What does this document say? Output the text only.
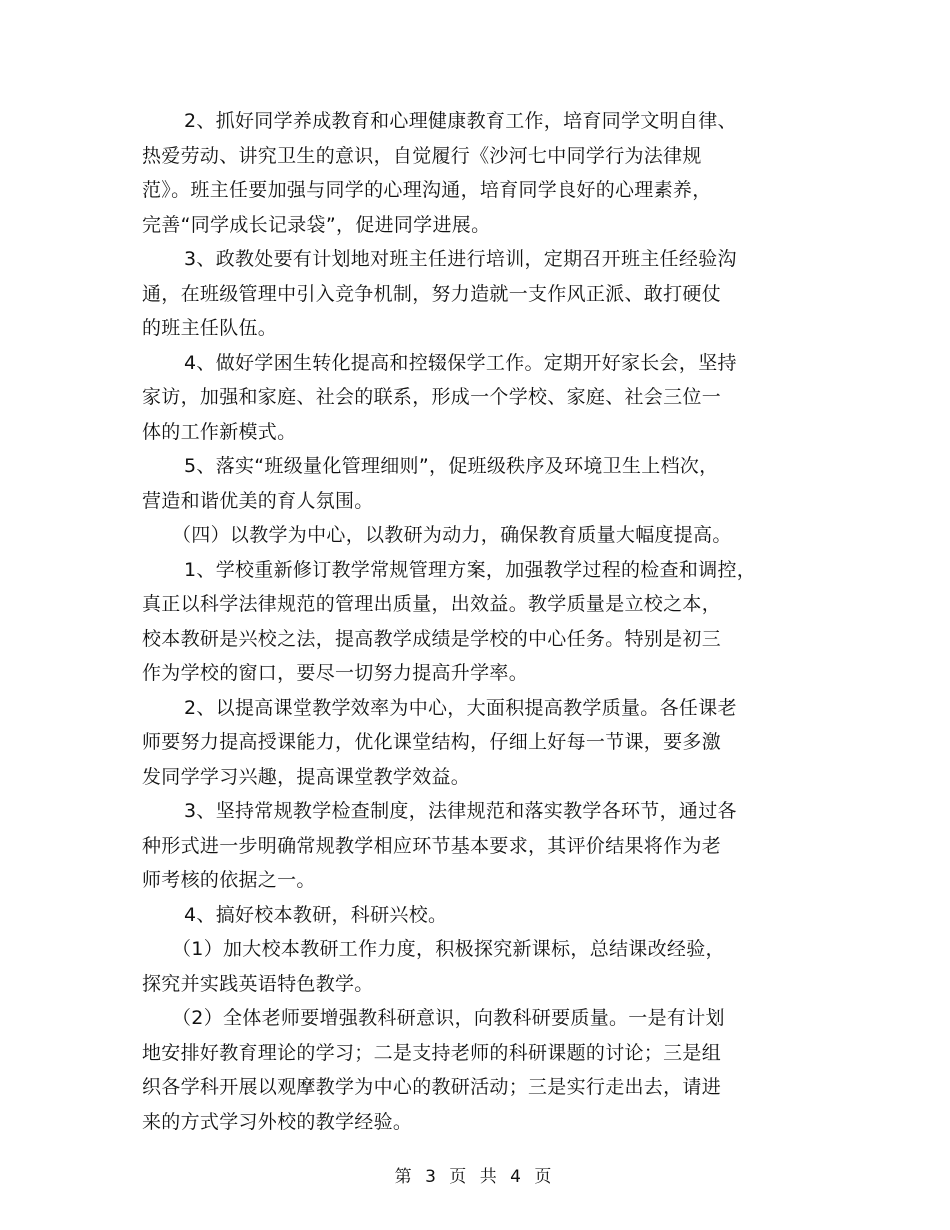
2、抓好同学养成教育和心理健康教育工作，培育同学文明自律、
热爱劳动、讲究卫生的意识，自觉履行《沙河七中同学行为法律规
范》。班主任要加强与同学的心理沟通，培育同学良好的心理素养，
完善“同学成长记录袋”，促进同学进展。
3、政教处要有计划地对班主任进行培训，定期召开班主任经验沟
通，在班级管理中引入竞争机制，努力造就一支作风正派、敢打硬仗
的班主任队伍。
4、做好学困生转化提高和控辍保学工作。定期开好家长会，坚持
家访，加强和家庭、社会的联系，形成一个学校、家庭、社会三位一
体的工作新模式。
5、落实“班级量化管理细则”，促班级秩序及环境卫生上档次，
营造和谐优美的育人氛围。
（四）以教学为中心，以教研为动力，确保教育质量大幅度提高。
1、学校重新修订教学常规管理方案，加强教学过程的检查和调控，
真正以科学法律规范的管理出质量，出效益。教学质量是立校之本，
校本教研是兴校之法，提高教学成绩是学校的中心任务。特别是初三
作为学校的窗口，要尽一切努力提高升学率。
2、以提高课堂教学效率为中心，大面积提高教学质量。各任课老
师要努力提高授课能力，优化课堂结构，仔细上好每一节课，要多激
发同学学习兴趣，提高课堂教学效益。
3、坚持常规教学检查制度，法律规范和落实教学各环节，通过各
种形式进一步明确常规教学相应环节基本要求，其评价结果将作为老
师考核的依据之一。
4、搞好校本教研，科研兴校。
（1）加大校本教研工作力度，积极探究新课标，总结课改经验，
探究并实践英语特色教学。
（2）全体老师要增强教科研意识，向教科研要质量。一是有计划
地安排好教育理论的学习；二是支持老师的科研课题的讨论；三是组
织各学科开展以观摩教学为中心的教研活动；三是实行走出去，请进
来的方式学习外校的教学经验。
第 3 页 共 4 页
